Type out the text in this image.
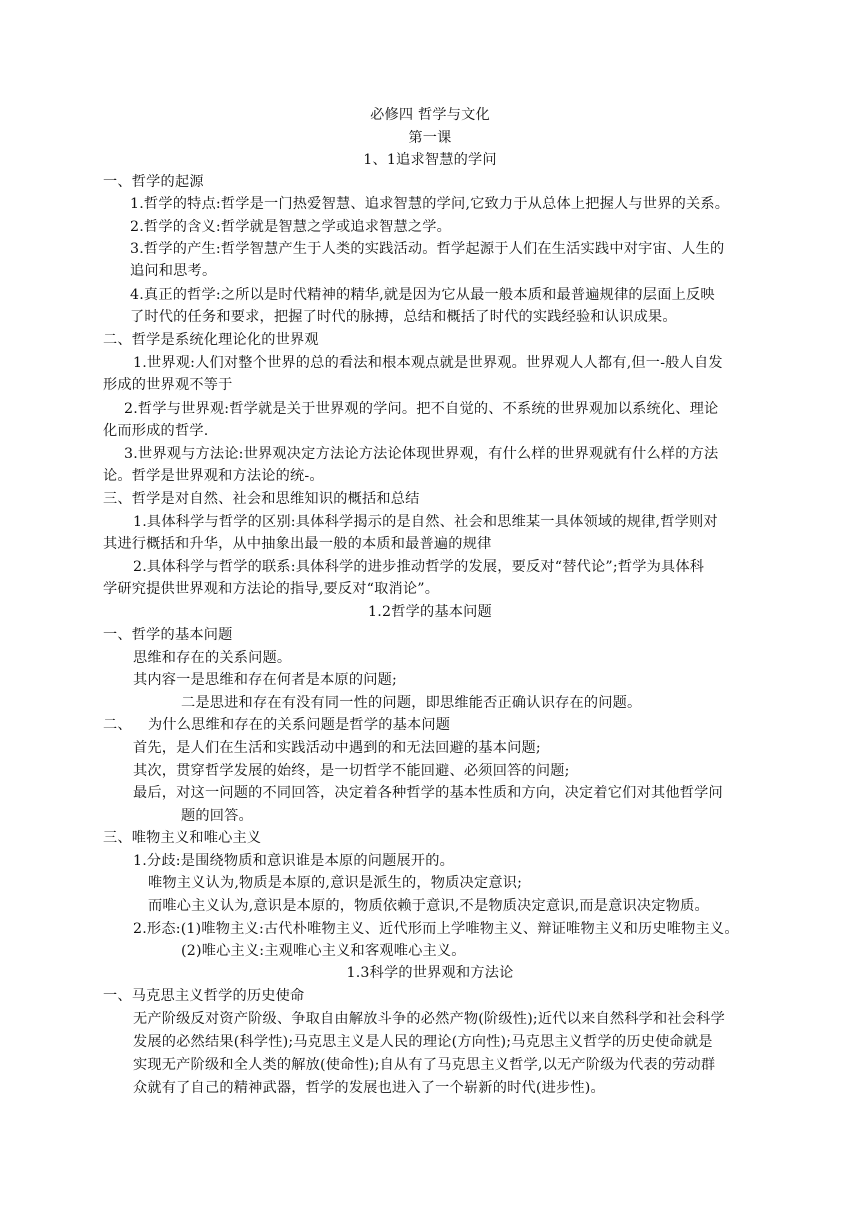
必修四 哲学与文化
第一课
1、1追求智慧的学问
一、哲学的起源
1.哲学的特点:哲学是一门热爱智慧、追求智慧的学问,它致力于从总体上把握人与世界的关系。
2.哲学的含义:哲学就是智慧之学或追求智慧之学。
3.哲学的产生:哲学智慧产生于人类的实践活动。哲学起源于人们在生活实践中对宇宙、人生的
追问和思考。
4.真正的哲学:之所以是时代精神的精华,就是因为它从最一般本质和最普遍规律的层面上反映
了时代的任务和要求，把握了时代的脉搏，总结和概括了时代的实践经验和认识成果。
二、哲学是系统化理论化的世界观
1.世界观:人们对整个世界的总的看法和根本观点就是世界观。世界观人人都有,但一-般人自发
形成的世界观不等于
2.哲学与世界观:哲学就是关于世界观的学问。把不自觉的、不系统的世界观加以系统化、理论
化而形成的哲学.
3.世界观与方法论:世界观决定方法论方法论体现世界观，有什么样的世界观就有什么样的方法
论。哲学是世界观和方法论的统-。
三、哲学是对自然、社会和思维知识的概括和总结
1.具体科学与哲学的区别:具体科学揭示的是自然、社会和思维某一具体领域的规律,哲学则对
其进行概括和升华，从中抽象出最一般的本质和最普遍的规律
2.具体科学与哲学的联系:具体科学的进步推动哲学的发展，要反对“替代论”;哲学为具体科
学研究提供世界观和方法论的指导,要反对“取消论”。
1.2哲学的基本问题
一、哲学的基本问题
思维和存在的关系问题。
其内容一是思维和存在何者是本原的问题;
二是思进和存在有没有同一性的问题，即思维能否正确认识存在的问题。
二、 为什么思维和存在的关系问题是哲学的基本问题
首先，是人们在生活和实践活动中遇到的和无法回避的基本问题;
其次，贯穿哲学发展的始终，是一切哲学不能回避、必须回答的问题;
最后，对这一问题的不同回答，决定着各种哲学的基本性质和方向，决定着它们对其他哲学问
题的回答。
三、唯物主义和唯心主义
1.分歧:是围绕物质和意识谁是本原的问题展开的。
唯物主义认为,物质是本原的,意识是派生的，物质决定意识;
而唯心主义认为,意识是本原的，物质依赖于意识,不是物质决定意识,而是意识决定物质。
2.形态:(1)唯物主义:古代朴唯物主义、近代形而上学唯物主义、辩证唯物主义和历史唯物主义。
(2)唯心主义:主观唯心主义和客观唯心主义。
1.3科学的世界观和方法论
一、马克思主义哲学的历史使命
无产阶级反对资产阶级、争取自由解放斗争的必然产物(阶级性);近代以来自然科学和社会科学
发展的必然结果(科学性);马克思主义是人民的理论(方向性);马克思主义哲学的历史使命就是
实现无产阶级和全人类的解放(使命性);自从有了马克思主义哲学,以无产阶级为代表的劳动群
众就有了自己的精神武器，哲学的发展也进入了一个崭新的时代(进步性)。
